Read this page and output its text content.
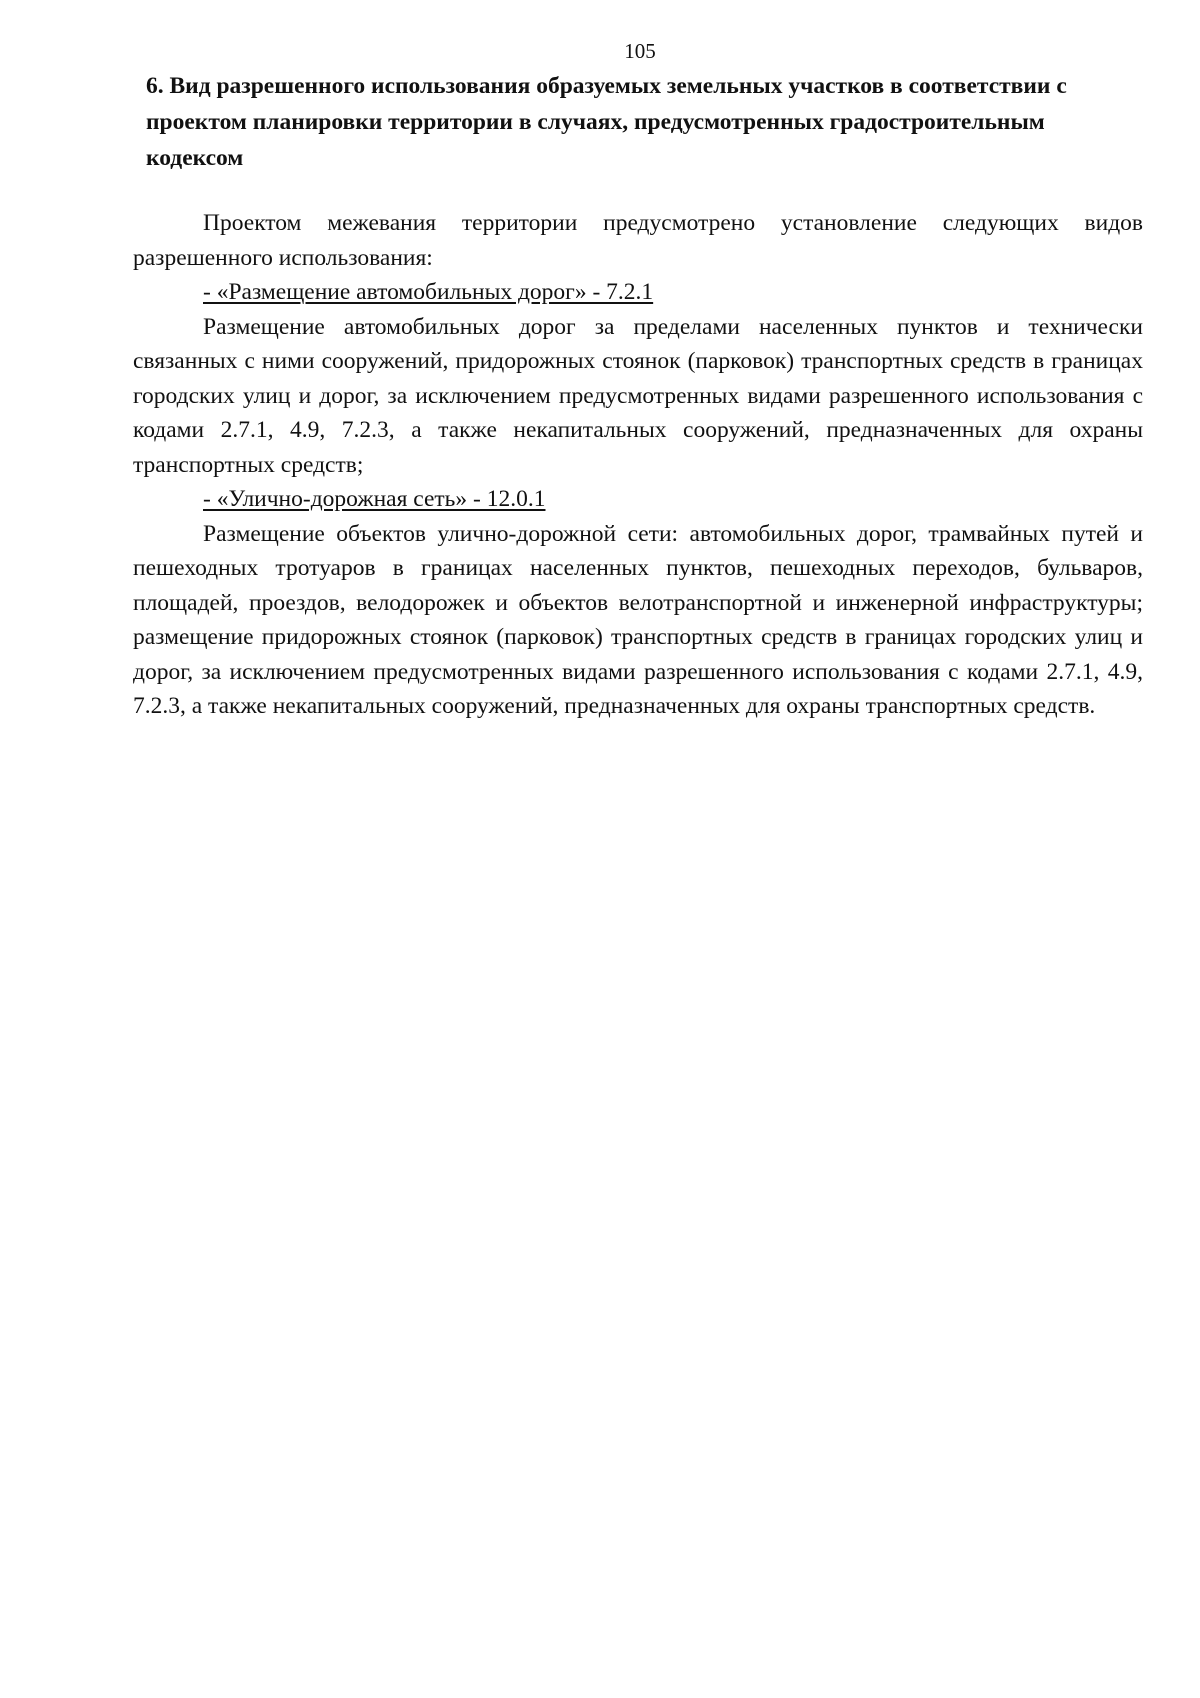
105
6. Вид разрешенного использования образуемых земельных участков в соответствии с проектом планировки территории в случаях, предусмотренных градостроительным кодексом

Проектом межевания территории предусмотрено установление следующих видов разрешенного использования:

- «Размещение автомобильных дорог» - 7.2.1

Размещение автомобильных дорог за пределами населенных пунктов и технически связанных с ними сооружений, придорожных стоянок (парковок) транспортных средств в границах городских улиц и дорог, за исключением предусмотренных видами разрешенного использования с кодами 2.7.1, 4.9, 7.2.3, а также некапитальных сооружений, предназначенных для охраны транспортных средств;

- «Улично-дорожная сеть» - 12.0.1

Размещение объектов улично-дорожной сети: автомобильных дорог, трамвайных путей и пешеходных тротуаров в границах населенных пунктов, пешеходных переходов, бульваров, площадей, проездов, велодорожек и объектов велотранспортной и инженерной инфраструктуры; размещение придорожных стоянок (парковок) транспортных средств в границах городских улиц и дорог, за исключением предусмотренных видами разрешенного использования с кодами 2.7.1, 4.9, 7.2.3, а также некапитальных сооружений, предназначенных для охраны транспортных средств.
